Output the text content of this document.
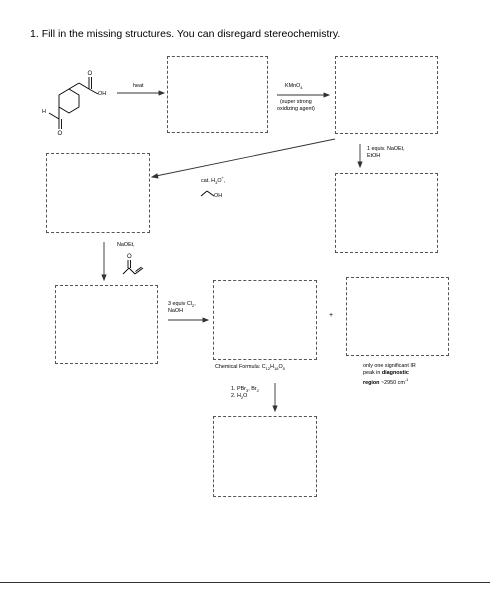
1. Fill in the missing structures. You can disregard stereochemistry.
O
O
O
OH
H
heat	KMnO$_4$
(super strong
oxidizing agent)
1 equiv. NaOEt,
EtOH
cat. $H_3O^+$,
OH
NaOEt,
3 equiv $Cl_2$,
NaOH
+
Chemical Formula: $C_{12}H_{18}O_5$	only one significant IR
peak in diagnostic
region ~2950 $cm^{-1}$
1. PBr$_3$, $Br_2$
2. $H_2O$
